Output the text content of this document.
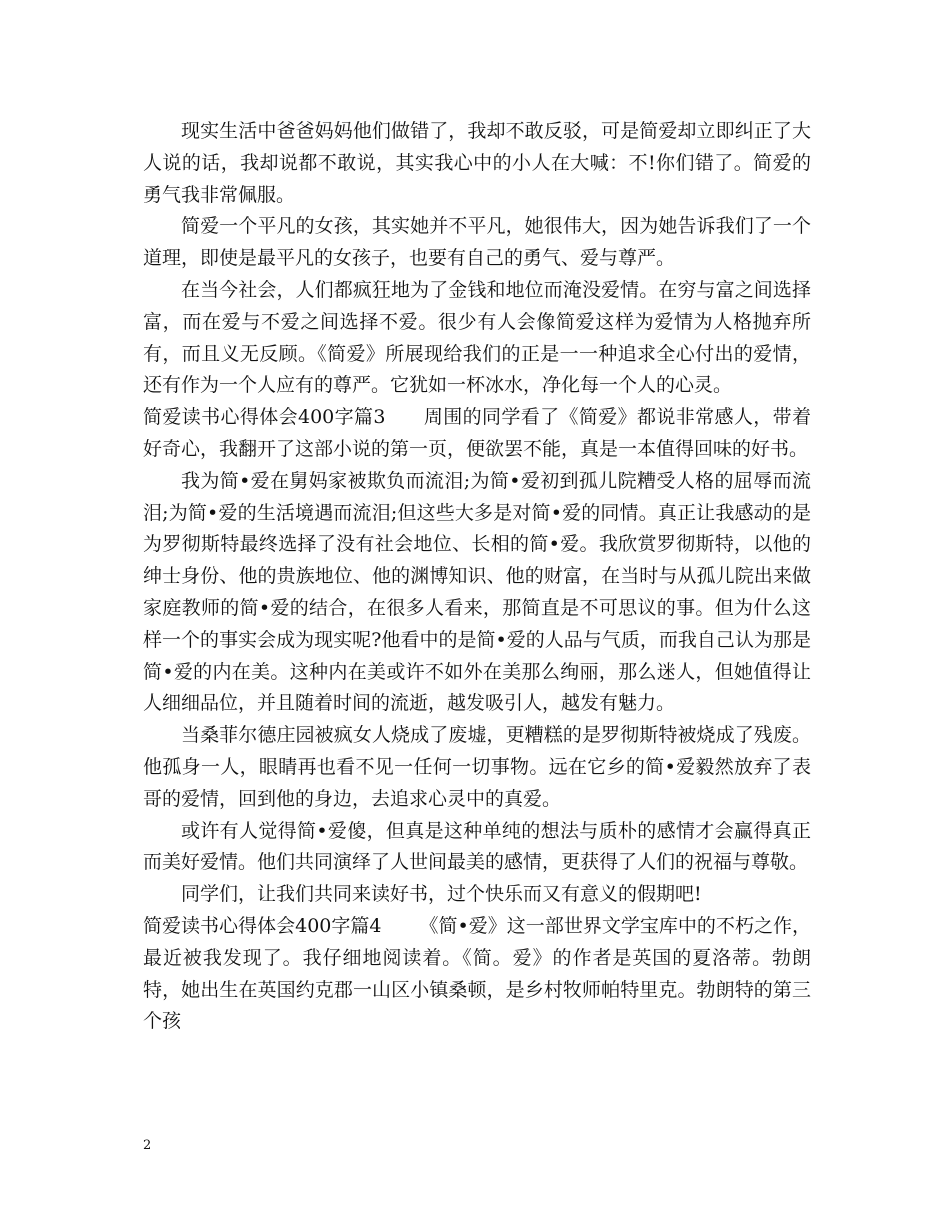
现实生活中爸爸妈妈他们做错了，我却不敢反驳，可是简爱却立即纠正了大人说的话，我却说都不敢说，其实我心中的小人在大喊：不!你们错了。简爱的勇气我非常佩服。

简爱一个平凡的女孩，其实她并不平凡，她很伟大，因为她告诉我们了一个道理，即使是最平凡的女孩子，也要有自己的勇气、爱与尊严。

在当今社会，人们都疯狂地为了金钱和地位而淹没爱情。在穷与富之间选择富，而在爱与不爱之间选择不爱。很少有人会像简爱这样为爱情为人格抛弃所有，而且义无反顾。《简爱》所展现给我们的正是一一种追求全心付出的爱情，还有作为一个人应有的尊严。它犹如一杯冰水，净化每一个人的心灵。

简爱读书心得体会400字篇3 周围的同学看了《简爱》都说非常感人，带着好奇心，我翻开了这部小说的第一页，便欲罢不能，真是一本值得回味的好书。

我为简•爱在舅妈家被欺负而流泪;为简•爱初到孤儿院糟受人格的屈辱而流泪;为简•爱的生活境遇而流泪;但这些大多是对简•爱的同情。真正让我感动的是为罗彻斯特最终选择了没有社会地位、长相的简•爱。我欣赏罗彻斯特，以他的绅士身份、他的贵族地位、他的渊博知识、他的财富，在当时与从孤儿院出来做家庭教师的简•爱的结合，在很多人看来，那简直是不可思议的事。但为什么这样一个的事实会成为现实呢?他看中的是简•爱的人品与气质，而我自己认为那是简•爱的内在美。这种内在美或许不如外在美那么绚丽，那么迷人，但她值得让人细细品位，并且随着时间的流逝，越发吸引人，越发有魅力。

当桑菲尔德庄园被疯女人烧成了废墟，更糟糕的是罗彻斯特被烧成了残废。他孤身一人，眼睛再也看不见一任何一切事物。远在它乡的简•爱毅然放弃了表哥的爱情，回到他的身边，去追求心灵中的真爱。

或许有人觉得简•爱傻，但真是这种单纯的想法与质朴的感情才会赢得真正而美好爱情。他们共同演绎了人世间最美的感情，更获得了人们的祝福与尊敬。

同学们，让我们共同来读好书，过个快乐而又有意义的假期吧!

简爱读书心得体会400字篇4 《简•爱》这一部世界文学宝库中的不朽之作，最近被我发现了。我仔细地阅读着。《简。爱》的作者是英国的夏洛蒂。勃朗特，她出生在英国约克郡一山区小镇桑顿，是乡村牧师帕特里克。勃朗特的第三个孩

2
